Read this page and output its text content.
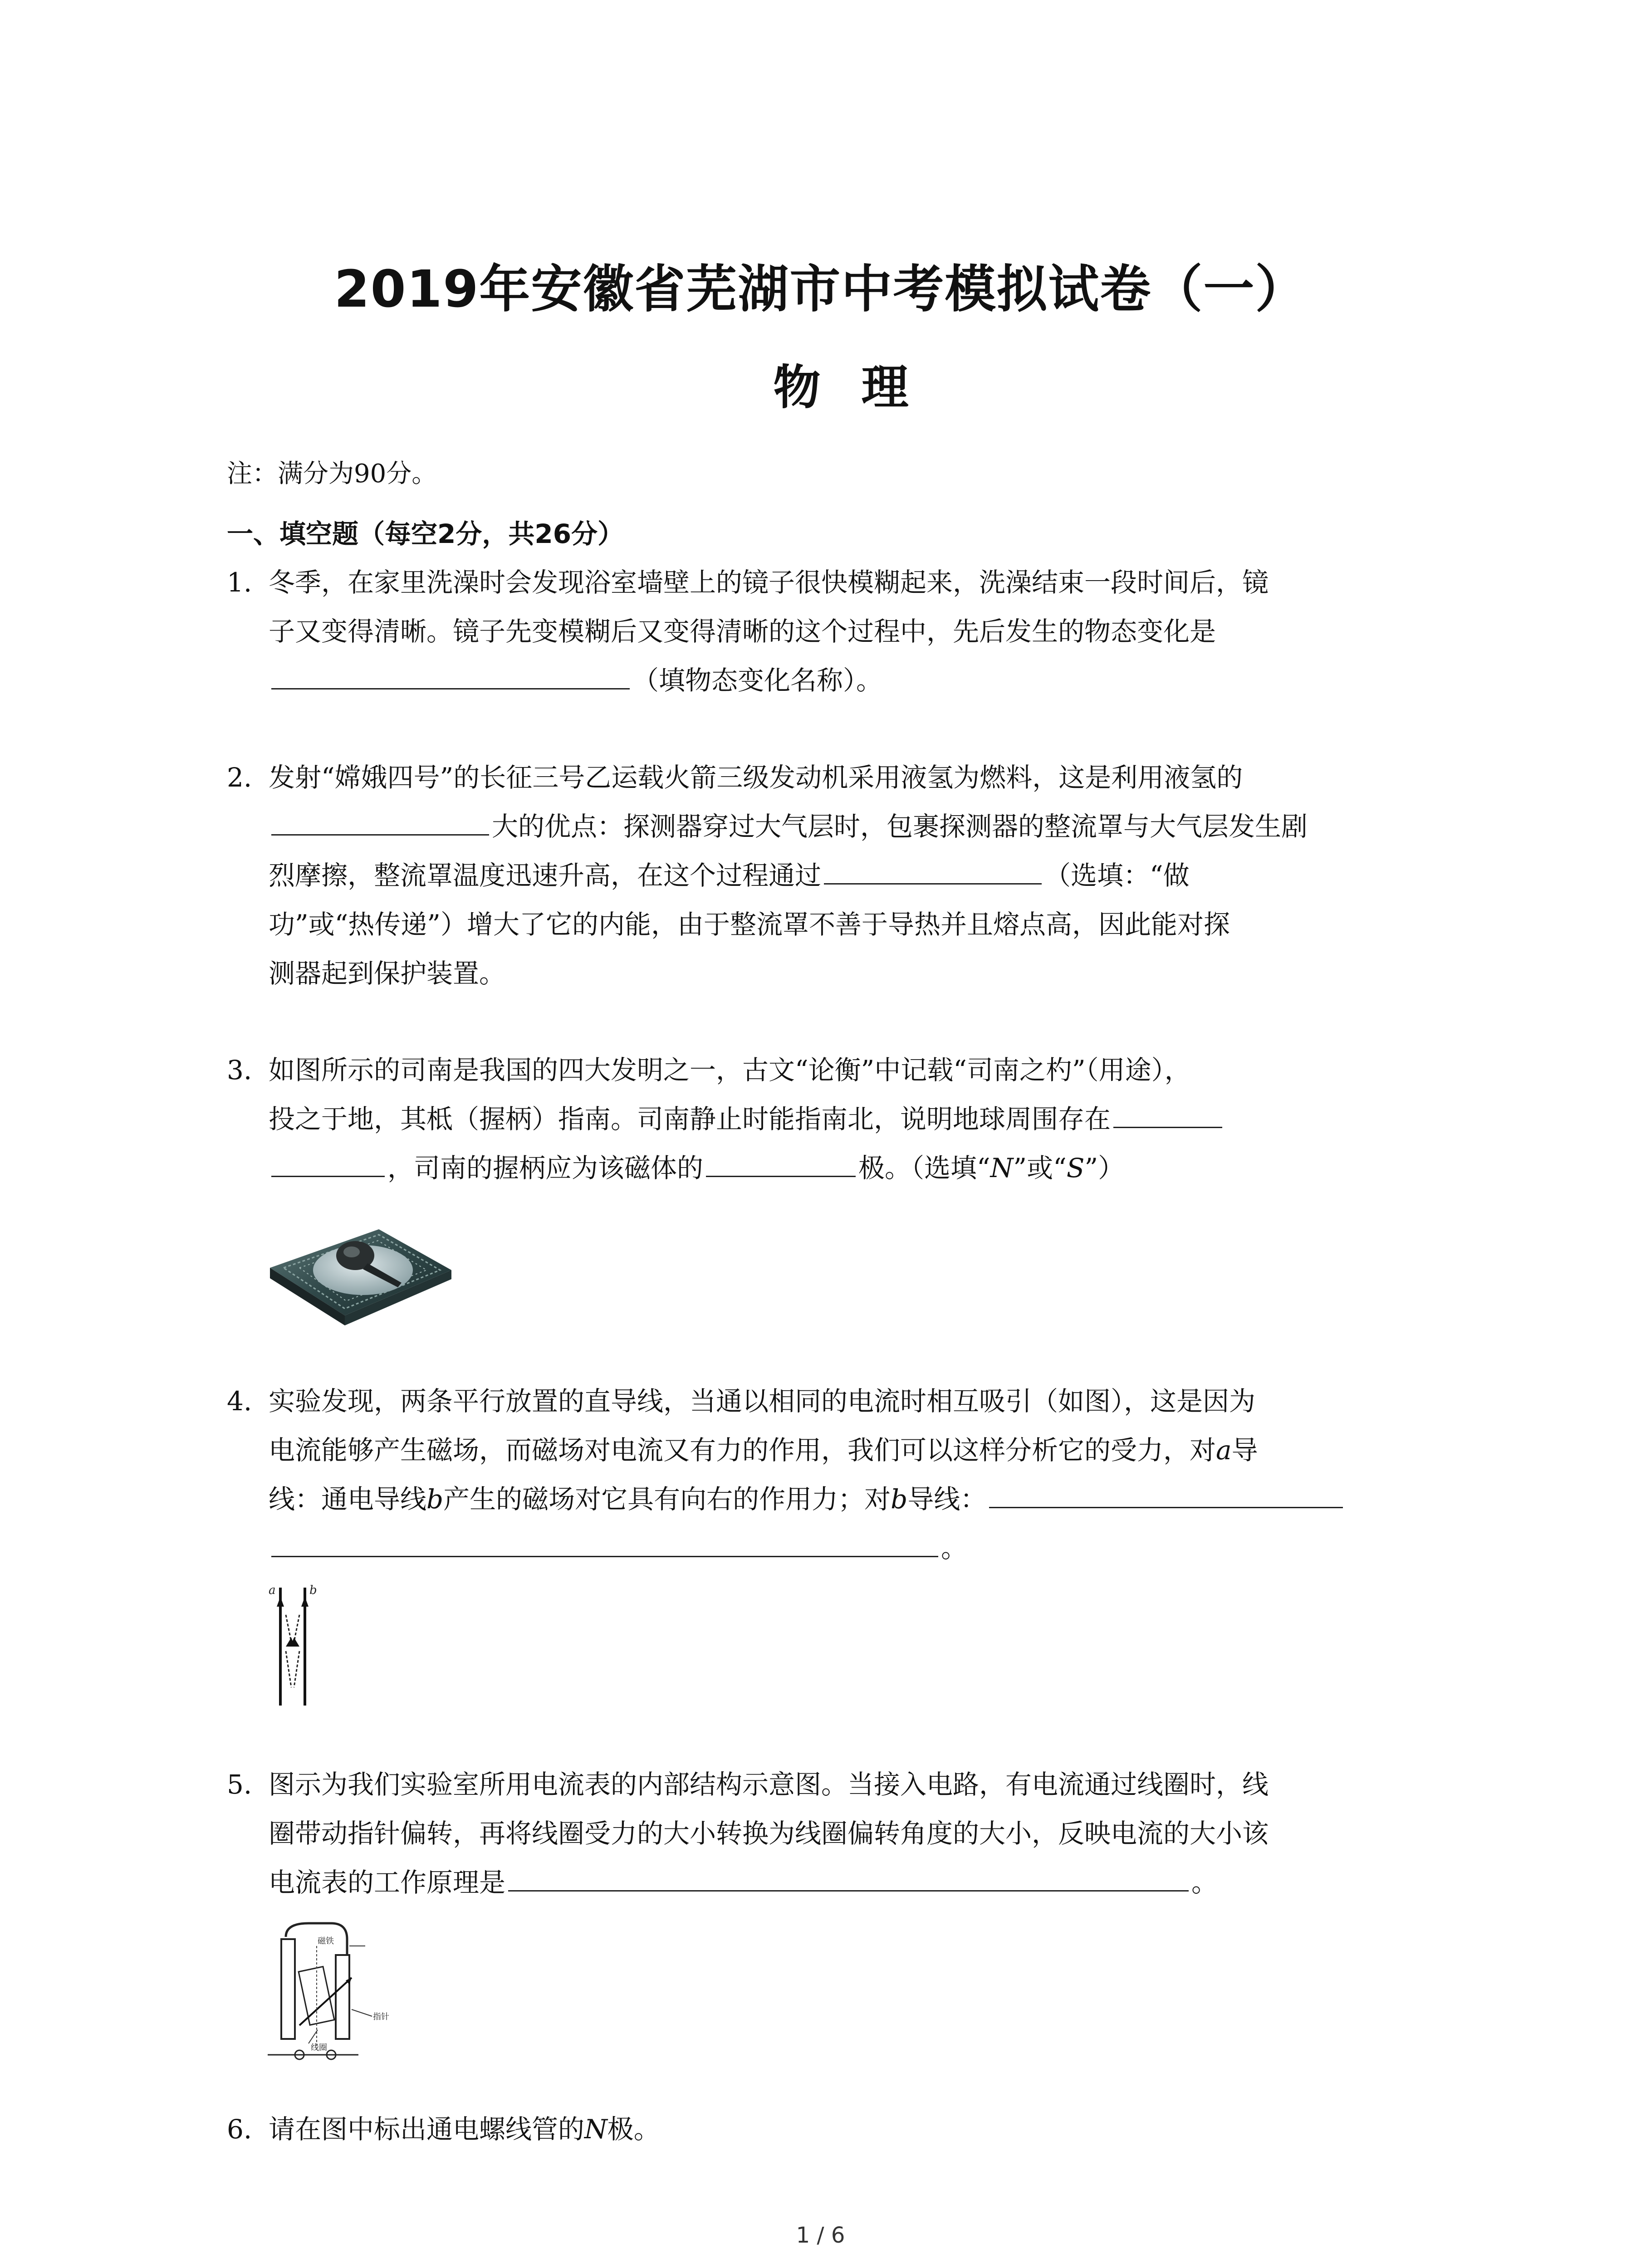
2019年安徽省芜湖市中考模拟试卷（一）
物理
注：满分为90分。
一、填空题（每空2分，共26分）
1. 冬季，在家里洗澡时会发现浴室墙壁上的镜子很快模糊起来，洗澡结束一段时间后，镜
子又变得清晰。镜子先变模糊后又变得清晰的这个过程中，先后发生的物态变化是
（填物态变化名称）。
2. 发射“嫦娥四号”的长征三号乙运载火箭三级发动机采用液氢为燃料，这是利用液氢的
大的优点：探测器穿过大气层时，包裹探测器的整流罩与大气层发生剧
烈摩擦，整流罩温度迅速升高，在这个过程通过	（选填：“做
功”或“热传递”）增大了它的内能，由于整流罩不善于导热并且熔点高，因此能对探
测器起到保护装置。
3. 如图所示的司南是我国的四大发明之一，古文“论衡”中记载“司南之杓”（用途），
投之于地，其柢（握柄）指南。司南静止时能指南北，说明地球周围存在
，司南的握柄应为该磁体的	极。（选填“N”或“S”）
4. 实验发现，两条平行放置的直导线，当通以相同的电流时相互吸引（如图），这是因为
电流能够产生磁场，而磁场对电流又有力的作用，我们可以这样分析它的受力，对a导
线：通电导线b产生的磁场对它具有向右的作用力；对b导线：
。
a	b
5. 图示为我们实验室所用电流表的内部结构示意图。当接入电路，有电流通过线圈时，线
圈带动指针偏转，再将线圈受力的大小转换为线圈偏转角度的大小，反映电流的大小该
电流表的工作原理是	。
磁铁
线圈
指针
6. 请在图中标出通电螺线管的N极。
1 / 6
